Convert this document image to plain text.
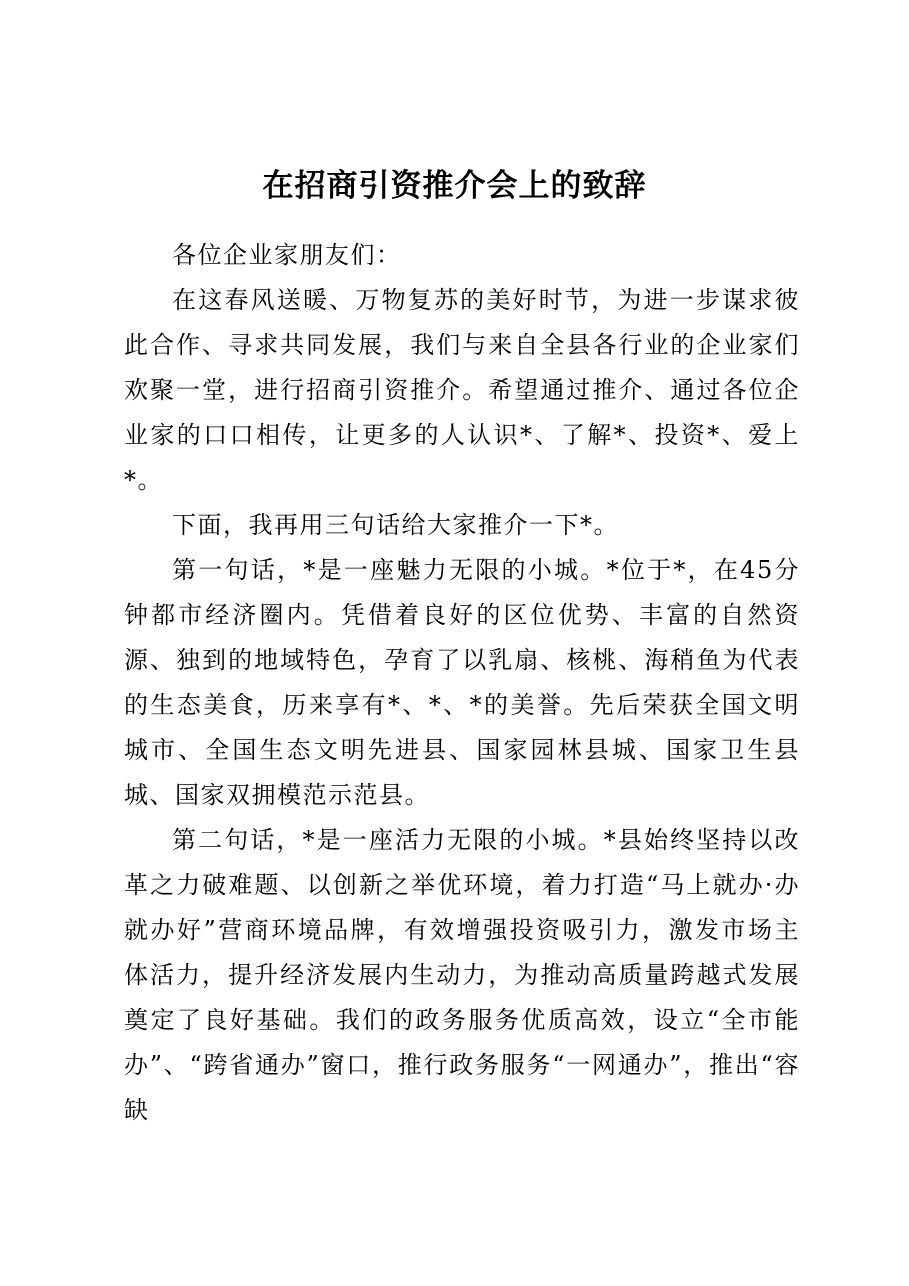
在招商引资推介会上的致辞

各位企业家朋友们：

在这春风送暖、万物复苏的美好时节，为进一步谋求彼此合作、寻求共同发展，我们与来自全县各行业的企业家们欢聚一堂，进行招商引资推介。希望通过推介、通过各位企业家的口口相传，让更多的人认识*、了解*、投资*、爱上*。

下面，我再用三句话给大家推介一下*。

第一句话，*是一座魅力无限的小城。*位于*，在45分钟都市经济圈内。凭借着良好的区位优势、丰富的自然资源、独到的地域特色，孕育了以乳扇、核桃、海稍鱼为代表的生态美食，历来享有*、*、*的美誉。先后荣获全国文明城市、全国生态文明先进县、国家园林县城、国家卫生县城、国家双拥模范示范县。

第二句话，*是一座活力无限的小城。*县始终坚持以改革之力破难题、以创新之举优环境，着力打造“马上就办·办就办好”营商环境品牌，有效增强投资吸引力，激发市场主体活力，提升经济发展内生动力，为推动高质量跨越式发展奠定了良好基础。我们的政务服务优质高效，设立“全市能办”、“跨省通办”窗口，推行政务服务“一网通办”，推出“容缺
